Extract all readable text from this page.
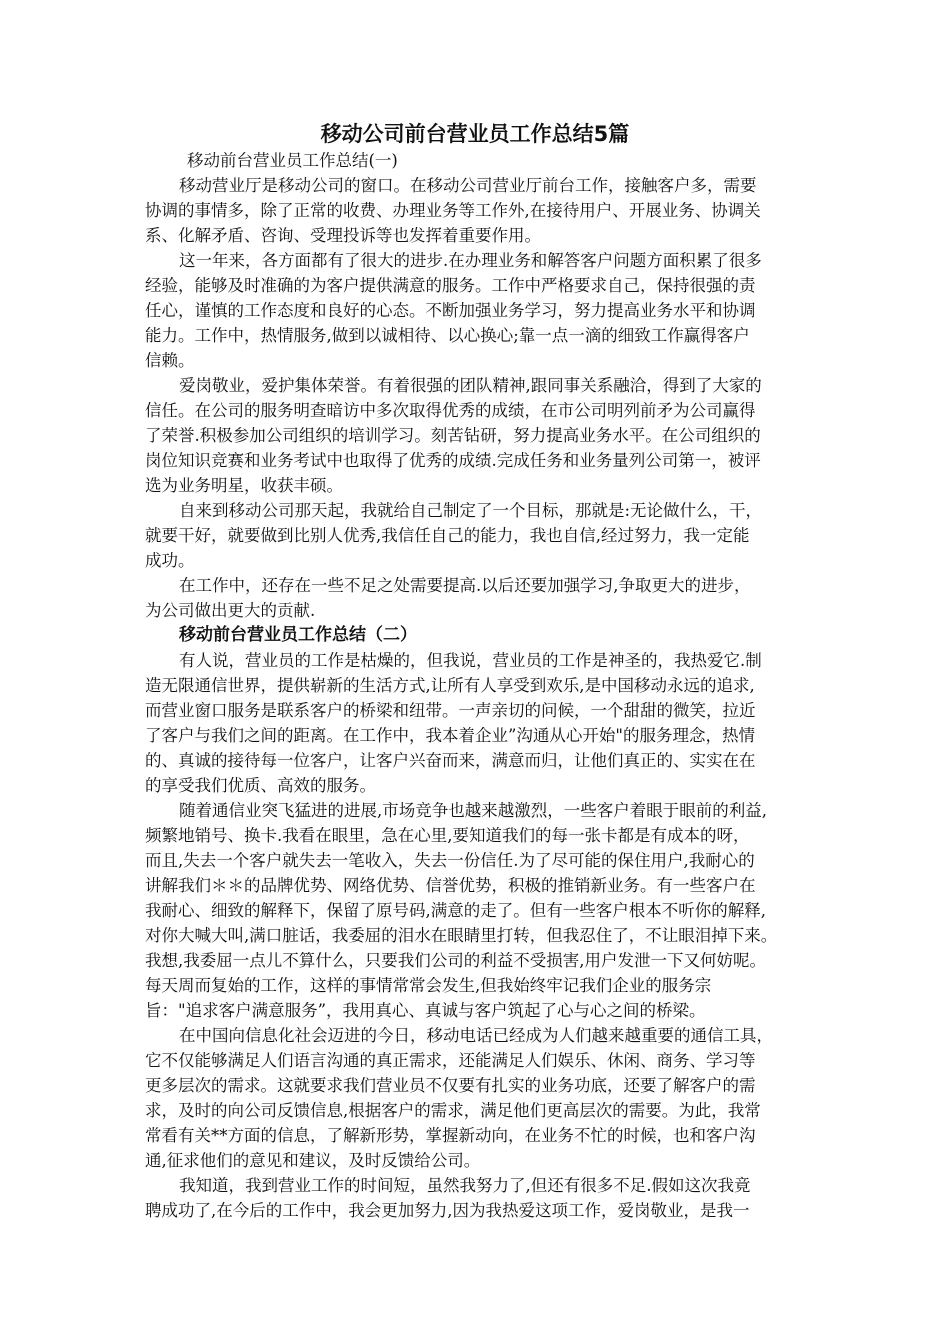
移动公司前台营业员工作总结5篇
移动前台营业员工作总结(一)
移动营业厅是移动公司的窗口。在移动公司营业厅前台工作，接触客户多，需要
协调的事情多，除了正常的收费、办理业务等工作外,在接待用户、开展业务、协调关
系、化解矛盾、咨询、受理投诉等也发挥着重要作用。
这一年来，各方面都有了很大的进步.在办理业务和解答客户问题方面积累了很多
经验，能够及时准确的为客户提供满意的服务。工作中严格要求自己，保持很强的责
任心，谨慎的工作态度和良好的心态。不断加强业务学习，努力提高业务水平和协调
能力。工作中，热情服务,做到以诚相待、以心换心;靠一点一滴的细致工作赢得客户
信赖。
爱岗敬业，爱护集体荣誉。有着很强的团队精神,跟同事关系融洽，得到了大家的
信任。在公司的服务明查暗访中多次取得优秀的成绩，在市公司明列前矛为公司赢得
了荣誉.积极参加公司组织的培训学习。刻苦钻研，努力提高业务水平。在公司组织的
岗位知识竞赛和业务考试中也取得了优秀的成绩.完成任务和业务量列公司第一，被评
选为业务明星，收获丰硕。
自来到移动公司那天起，我就给自己制定了一个目标，那就是:无论做什么，干，
就要干好，就要做到比别人优秀,我信任自己的能力，我也自信,经过努力，我一定能
成功。
在工作中，还存在一些不足之处需要提高.以后还要加强学习,争取更大的进步，
为公司做出更大的贡献.
移动前台营业员工作总结（二）
有人说，营业员的工作是枯燥的，但我说，营业员的工作是神圣的，我热爱它.制
造无限通信世界，提供崭新的生活方式,让所有人享受到欢乐,是中国移动永远的追求,
而营业窗口服务是联系客户的桥梁和纽带。一声亲切的问候，一个甜甜的微笑，拉近
了客户与我们之间的距离。在工作中，我本着企业”沟通从心开始"的服务理念，热情
的、真诚的接待每一位客户，让客户兴奋而来，满意而归，让他们真正的、实实在在
的享受我们优质、高效的服务。
随着通信业突飞猛进的进展,市场竞争也越来越激烈，一些客户着眼于眼前的利益,
频繁地销号、换卡.我看在眼里，急在心里,要知道我们的每一张卡都是有成本的呀，
而且,失去一个客户就失去一笔收入，失去一份信任.为了尽可能的保住用户,我耐心的
讲解我们＊＊的品牌优势、网络优势、信誉优势，积极的推销新业务。有一些客户在
我耐心、细致的解释下，保留了原号码,满意的走了。但有一些客户根本不听你的解释,
对你大喊大叫,满口脏话，我委屈的泪水在眼睛里打转，但我忍住了，不让眼泪掉下来。
我想,我委屈一点儿不算什么，只要我们公司的利益不受损害,用户发泄一下又何妨呢。
每天周而复始的工作，这样的事情常常会发生,但我始终牢记我们企业的服务宗
旨："追求客户满意服务”，我用真心、真诚与客户筑起了心与心之间的桥梁。
在中国向信息化社会迈进的今日，移动电话已经成为人们越来越重要的通信工具，
它不仅能够满足人们语言沟通的真正需求，还能满足人们娱乐、休闲、商务、学习等
更多层次的需求。这就要求我们营业员不仅要有扎实的业务功底，还要了解客户的需
求，及时的向公司反馈信息,根据客户的需求，满足他们更高层次的需要。为此，我常
常看有关**方面的信息，了解新形势，掌握新动向，在业务不忙的时候，也和客户沟
通,征求他们的意见和建议，及时反馈给公司。
我知道，我到营业工作的时间短，虽然我努力了,但还有很多不足.假如这次我竟
聘成功了,在今后的工作中，我会更加努力,因为我热爱这项工作，爱岗敬业，是我一
